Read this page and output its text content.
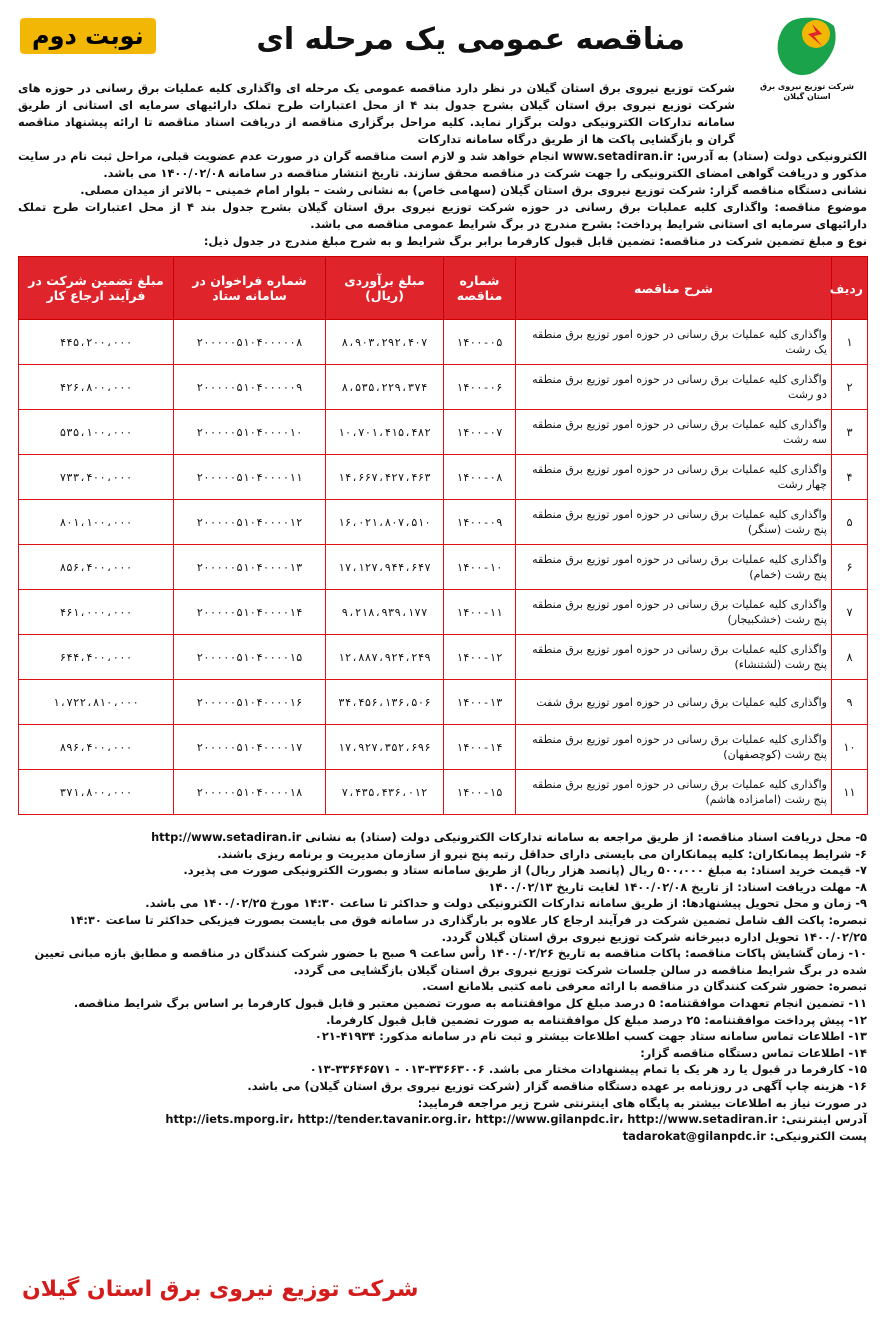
شرکت توزیع نیروی برق استان گیلان
مناقصه عمومی یک مرحله ای
نوبت دوم

شرکت توزیع نیروی برق استان گیلان در نظر دارد مناقصه عمومی یک مرحله ای واگذاری کلیه عملیات برق رسانی در حوزه های شرکت توزیع نیروی برق استان گیلان بشرح جدول بند ۴ از محل اعتبارات طرح تملک دارائیهای سرمایه ای استانی از طریق سامانه تدارکات الکترونیکی دولت برگزار نماید. کلیه مراحل برگزاری مناقصه از دریافت اسناد مناقصه تا ارائه پیشنهاد مناقصه گران و بازگشایی پاکت ها از طریق درگاه سامانه تدارکات

الکترونیکی دولت (ستاد) به آدرس: www.setadiran.ir انجام خواهد شد و لازم است مناقصه گران در صورت عدم عضویت قبلی، مراحل ثبت نام در سایت مذکور و دریافت گواهی امضای الکترونیکی را جهت شرکت در مناقصه محقق سازند. تاریخ انتشار مناقصه در سامانه ۱۴۰۰/۰۲/۰۸ می باشد.

نشانی دستگاه مناقصه گزار: شرکت توزیع نیروی برق استان گیلان (سهامی خاص) به نشانی رشت – بلوار امام خمینی – بالاتر از میدان مصلی.

موضوع مناقصه: واگذاری کلیه عملیات برق رسانی در حوزه شرکت توزیع نیروی برق استان گیلان بشرح جدول بند ۴ از محل اعتبارات طرح تملک دارائیهای سرمایه ای استانی شرایط پرداخت: بشرح مندرج در برگ شرایط عمومی مناقصه می باشد.

نوع و مبلغ تضمین شرکت در مناقصه: تضمین قابل قبول کارفرما برابر برگ شرایط و به شرح مبلغ مندرج در جدول ذیل:

ردیف	شرح مناقصه	شماره مناقصه	مبلغ برآوردی (ریال)	شماره فراخوان در سامانه ستاد	مبلغ تضمین شرکت در فرآیند ارجاع کار
۱	واگذاری کلیه عملیات برق رسانی در حوزه امور توزیع برق منطقه یک رشت	۱۴۰۰-۰۵	۸،۹۰۳،۲۹۲،۴۰۷	۲۰۰۰۰۰۵۱۰۴۰۰۰۰۰۸	۴۴۵،۲۰۰،۰۰۰
۲	واگذاری کلیه عملیات برق رسانی در حوزه امور توزیع برق منطقه دو رشت	۱۴۰۰-۰۶	۸،۵۳۵،۲۲۹،۳۷۴	۲۰۰۰۰۰۵۱۰۴۰۰۰۰۰۹	۴۲۶،۸۰۰،۰۰۰
۳	واگذاری کلیه عملیات برق رسانی در حوزه امور توزیع برق منطقه سه رشت	۱۴۰۰-۰۷	۱۰،۷۰۱،۴۱۵،۴۸۲	۲۰۰۰۰۰۵۱۰۴۰۰۰۰۱۰	۵۳۵،۱۰۰،۰۰۰
۴	واگذاری کلیه عملیات برق رسانی در حوزه امور توزیع برق منطقه چهار رشت	۱۴۰۰-۰۸	۱۴،۶۶۷،۴۲۷،۴۶۳	۲۰۰۰۰۰۵۱۰۴۰۰۰۰۱۱	۷۳۳،۴۰۰،۰۰۰
۵	واگذاری کلیه عملیات برق رسانی در حوزه امور توزیع برق منطقه پنج رشت (سنگر)	۱۴۰۰-۰۹	۱۶،۰۲۱،۸۰۷،۵۱۰	۲۰۰۰۰۰۵۱۰۴۰۰۰۰۱۲	۸۰۱،۱۰۰،۰۰۰
۶	واگذاری کلیه عملیات برق رسانی در حوزه امور توزیع برق منطقه پنج رشت (خمام)	۱۴۰۰-۱۰	۱۷،۱۲۷،۹۴۴،۶۴۷	۲۰۰۰۰۰۵۱۰۴۰۰۰۰۱۳	۸۵۶،۴۰۰،۰۰۰
۷	واگذاری کلیه عملیات برق رسانی در حوزه امور توزیع برق منطقه پنج رشت (خشکبیجار)	۱۴۰۰-۱۱	۹،۲۱۸،۹۳۹،۱۷۷	۲۰۰۰۰۰۵۱۰۴۰۰۰۰۱۴	۴۶۱،۰۰۰،۰۰۰
۸	واگذاری کلیه عملیات برق رسانی در حوزه امور توزیع برق منطقه پنج رشت (لشتنشاء)	۱۴۰۰-۱۲	۱۲،۸۸۷،۹۲۴،۲۴۹	۲۰۰۰۰۰۵۱۰۴۰۰۰۰۱۵	۶۴۴،۴۰۰،۰۰۰
۹	واگذاری کلیه عملیات برق رسانی در حوزه امور توزیع برق شفت	۱۴۰۰-۱۳	۳۴،۴۵۶،۱۳۶،۵۰۶	۲۰۰۰۰۰۵۱۰۴۰۰۰۰۱۶	۱،۷۲۲،۸۱۰،۰۰۰
۱۰	واگذاری کلیه عملیات برق رسانی در حوزه امور توزیع برق منطقه پنج رشت (کوچصفهان)	۱۴۰۰-۱۴	۱۷،۹۲۷،۳۵۲،۶۹۶	۲۰۰۰۰۰۵۱۰۴۰۰۰۰۱۷	۸۹۶،۴۰۰،۰۰۰
۱۱	واگذاری کلیه عملیات برق رسانی در حوزه امور توزیع برق منطقه پنج رشت (امامزاده هاشم)	۱۴۰۰-۱۵	۷،۴۳۵،۴۳۶،۰۱۲	۲۰۰۰۰۰۵۱۰۴۰۰۰۰۱۸	۳۷۱،۸۰۰،۰۰۰

۵- محل دریافت اسناد مناقصه: از طریق مراجعه به سامانه تدارکات الکترونیکی دولت (ستاد) به نشانی http://www.setadiran.ir

۶- شرایط پیمانکاران: کلیه پیمانکاران می بایستی دارای حداقل رتبه پنج نیرو از سازمان مدیریت و برنامه ریزی باشند.

۷- قیمت خرید اسناد: به مبلغ ۵۰۰،۰۰۰ ریال (پانصد هزار ریال) از طریق سامانه ستاد و بصورت الکترونیکی صورت می پذیرد.

۸- مهلت دریافت اسناد: از تاریخ ۱۴۰۰/۰۲/۰۸ لغایت تاریخ ۱۴۰۰/۰۲/۱۳

۹- زمان و محل تحویل پیشنهادها: از طریق سامانه تدارکات الکترونیکی دولت و حداکثر تا ساعت ۱۴:۳۰ مورخ ۱۴۰۰/۰۲/۲۵ می باشد.

تبصره: پاکت الف شامل تضمین شرکت در فرآیند ارجاع کار علاوه بر بارگذاری در سامانه فوق می بایست بصورت فیزیکی حداکثر تا ساعت ۱۴:۳۰ ۱۴۰۰/۰۲/۲۵ تحویل اداره دبیرخانه شرکت توزیع نیروی برق استان گیلان گردد.

۱۰- زمان گشایش پاکات مناقصه: پاکات مناقصه به تاریخ ۱۴۰۰/۰۲/۲۶ رأس ساعت ۹ صبح با حضور شرکت کنندگان در مناقصه و مطابق بازه مبانی تعیین شده در برگ شرایط مناقصه در سالن جلسات شرکت توزیع نیروی برق استان گیلان بازگشایی می گردد.

تبصره: حضور شرکت کنندگان در مناقصه با ارائه معرفی نامه کتبی بلامانع است.

۱۱- تضمین انجام تعهدات موافقتنامه: ۵ درصد مبلغ کل موافقتنامه به صورت تضمین معتبر و قابل قبول کارفرما بر اساس برگ شرایط مناقصه.

۱۲- پیش پرداخت موافقتنامه: ۲۵ درصد مبلغ کل موافقتنامه به صورت تضمین قابل قبول کارفرما.

۱۳- اطلاعات تماس سامانه ستاد جهت کسب اطلاعات بیشتر و ثبت نام در سامانه مذکور: ۴۱۹۳۴-۰۲۱

۱۴- اطلاعات تماس دستگاه مناقصه گزار:

۱۵- کارفرما در قبول یا رد هر یک یا تمام پیشنهادات مختار می باشد. ۳۳۶۶۳۰۰۶-۰۱۳ - ۳۳۶۴۶۵۷۱-۰۱۳

۱۶- هزینه چاپ آگهی در روزنامه بر عهده دستگاه مناقصه گزار (شرکت توزیع نیروی برق استان گیلان) می باشد.

در صورت نیاز به اطلاعات بیشتر به پایگاه های اینترنتی شرح زیر مراجعه فرمایید:

آدرس اینترنتی: http://iets.mporg.ir، http://tender.tavanir.org.ir، http://www.gilanpdc.ir، http://www.setadiran.ir

پست الکترونیکی: tadarokat@gilanpdc.ir

شرکت توزیع نیروی برق استان گیلان
